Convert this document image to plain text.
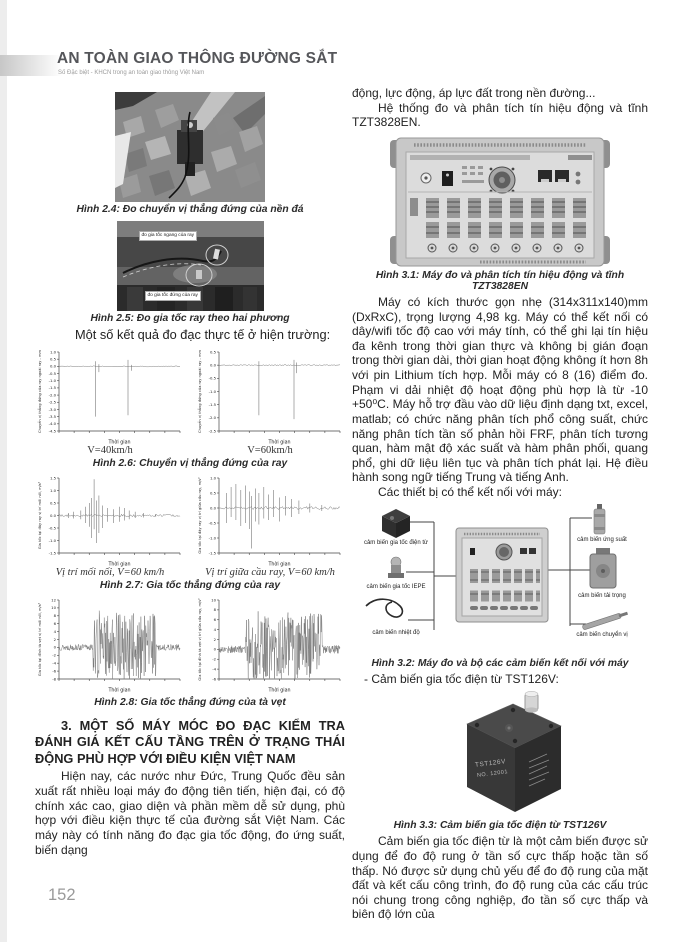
AN TOÀN GIAO THÔNG ĐƯỜNG SẮT
Số Đặc biệt - KHCN trong an toàn giao thông Việt Nam
Hình 2.4: Đo chuyển vị thẳng đứng của nền đá
đo gia tốc ngang của ray
đo gia tốc đứng của ray
Hình 2.5: Đo gia tốc ray theo hai phương

Một số kết quả đo đạc thực tế ở hiện trường:

1.0
0.5
0.0
-0.5
-1.0
-1.5
-2.0
-2.5
-3.0
-3.5
-4.0
-4.5
Thời gian
Chuyển vị thẳng đứng của ray ngoài ray - mm
V=40km/h
0.5
0.0
-0.5
-1.0
-1.5
-2.0
-2.5
Thời gian
Chuyển vị thẳng đứng của ray ngoài ray - mm
V=60km/h
Hình 2.6: Chuyển vị thẳng đứng của ray
1.5
1.0
0.5
0.0
-0.5
-1.0
-1.5
Thời gian
Gia tốc tại đáy ray vị trí mối nối, m/s²
Vị trí mối nối, V=60 km/h
1.0
0.5
0.0
-0.5
-1.0
-1.5
Thời gian
Gia tốc tại đáy ray vị trí giữa cầu ray, m/s²
Vị trí giữa cầu ray, V=60 km/h
Hình 2.7: Gia tốc thẳng đứng của ray
12
10
8
6
4
2
0
-2
-4
-6
-8
Thời gian
Gia tốc tại đỉnh tà vẹt vị trí mối nối, m/s²
10
8
6
4
2
0
-2
-4
-6
Thời gian
Gia tốc tại đỉnh tà vẹt vị trí giữa cầu ray, m/s²
Hình 2.8: Gia tốc thẳng đứng của tà vẹt
3. MỘT SỐ MÁY MÓC ĐO ĐẠC KIỂM TRA ĐÁNH GIÁ KẾT CẤU TẦNG TRÊN Ở TRẠNG THÁI ĐỘNG PHÙ HỢP VỚI ĐIỀU KIỆN VIỆT NAM

Hiện nay, các nước như Đức, Trung Quốc đều sản xuất rất nhiều loại máy đo động tiên tiến, hiện đại, có độ chính xác cao, giao diện và phần mềm dễ sử dụng, phù hợp với điều kiện thực tế của đường sắt Việt Nam. Các máy này có tính năng đo đạc gia tốc động, đo ứng suất, biến dạng

động, lực động, áp lực đất trong nền đường...

Hệ thống đo và phân tích tín hiệu động và tĩnh TZT3828EN.

Hình 3.1: Máy đo và phân tích tín hiệu động và tĩnh TZT3828EN

Máy có kích thước gọn nhẹ (314x311x140)mm (DxRxC), trọng lượng 4,98 kg. Máy có thể kết nối có dây/wifi tốc độ cao với máy tính, có thể ghi lại tín hiệu đa kênh trong thời gian thực và không bị gián đoạn trong thời gian dài, thời gian hoạt động không ít hơn 8h với pin Lithium tích hợp. Mỗi máy có 8 (16) điểm đo. Phạm vi dải nhiệt độ hoạt động phù hợp là từ -10 +50⁰C. Máy hỗ trợ đầu vào dữ liệu định dạng txt, excel, matlab; có chức năng phân tích phổ công suất, chức năng phân tích tần số phản hồi FRF, phân tích tương quan, hàm mật độ xác suất và hàm phân phối, quang phổ, ghi dữ liệu liên tục và phân tích phát lại. Hệ điều hành song ngữ tiếng Trung và tiếng Anh.

Các thiết bị có thể kết nối với máy:

cảm biến gia tốc điện từ
cảm biến gia tốc IEPE
cảm biến nhiệt độ
cảm biến ứng suất
cảm biến tải trọng
cảm biến chuyển vị
Hình 3.2: Máy đo và bộ các cảm biến kết nối với máy

- Cảm biến gia tốc điện từ TST126V:

TST126V
NO. 12001
Hình 3.3: Cảm biến gia tốc điện từ TST126V

Cảm biến gia tốc điện từ là một cảm biến được sử dụng để đo độ rung ở tần số cực thấp hoặc tần số thấp. Nó được sử dụng chủ yếu để đo độ rung của mặt đất và kết cấu công trình, đo độ rung của các cấu trúc nói chung trong công nghiệp, đo tần số cực thấp và biên độ lớn của

152
